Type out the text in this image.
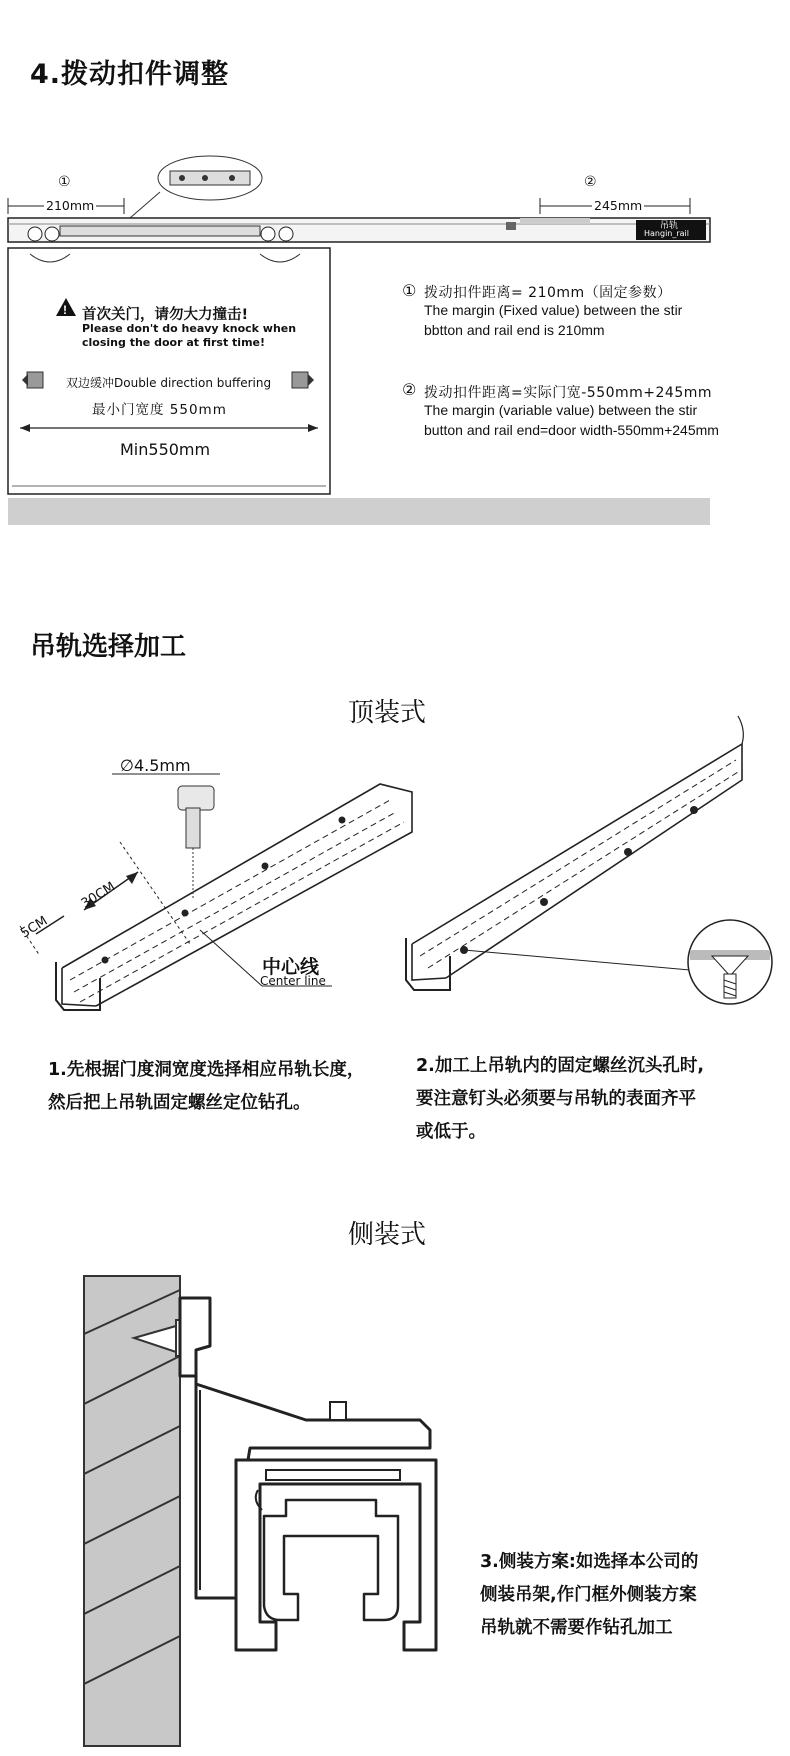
4.拨动扣件调整
!
①	②
210mm	245mm
吊轨
Hangin_rail
首次关门，请勿大力撞击!
Please don't do heavy knock when
closing the door at first time!
双边缓冲Double direction buffering
最小门宽度 550mm
Min550mm
① 拨动扣件距离= 210mm（固定参数）
The margin (Fixed value) between the stir
bbtton and rail end is 210mm
② 拨动扣件距离=实际门宽-550mm+245mm
The margin (variable value) between the stir
button and rail end=door width-550mm+245mm
吊轨选择加工
顶装式
∅4.5mm
30CM
5CM
中心线
Center line
1.先根据门度洞宽度选择相应吊轨长度，
然后把上吊轨固定螺丝定位钻孔。
2.加工上吊轨内的固定螺丝沉头孔时,
要注意钉头必须要与吊轨的表面齐平
或低于。
侧装式
3.侧装方案:如选择本公司的
侧装吊架,作门框外侧装方案
吊轨就不需要作钻孔加工
